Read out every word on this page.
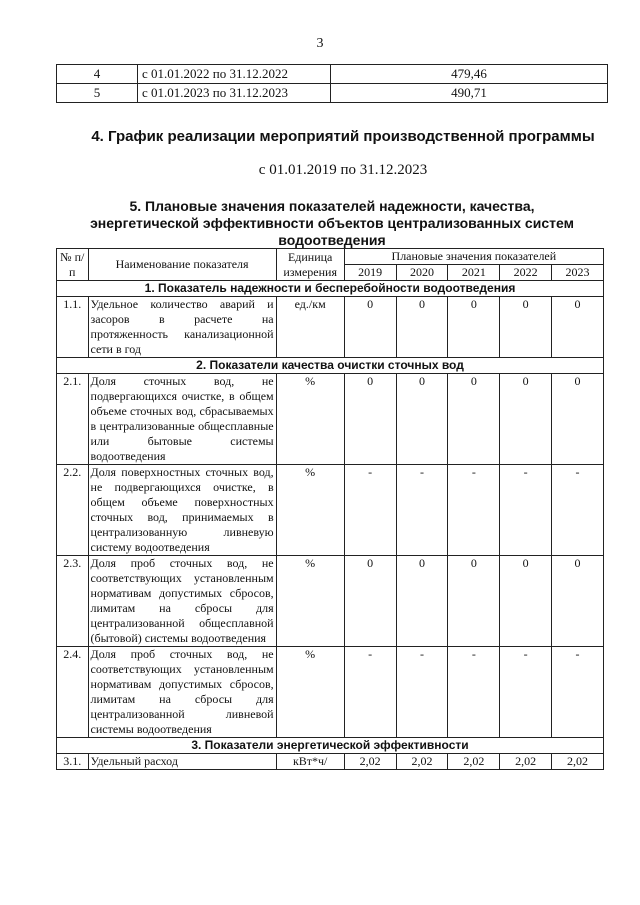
3
4	с 01.01.2022 по 31.12.2022	479,46
5	с 01.01.2023 по 31.12.2023	490,71
4. График реализации мероприятий производственной программы
с 01.01.2019 по 31.12.2023
5. Плановые значения показателей надежности, качества, энергетической эффективности объектов централизованных систем водоотведения
№ п/п	Наименование показателя	Единица измерения	Плановые значения показателей				
			2019	2020	2021	2022	2023
1. Показатель надежности и бесперебойности водоотведения							
1.1.	Удельное количество аварий и засоров в расчете на протяженность канализационной сети в год	ед./км	0	0	0	0	0
2. Показатели качества очистки сточных вод							
2.1.	Доля сточных вод, не подвергающихся очистке, в общем объеме сточных вод, сбрасываемых в централизованные общесплавные или бытовые системы водоотведения	%	0	0	0	0	0
2.2.	Доля поверхностных сточных вод, не подвергающихся очистке, в общем объеме поверхностных сточных вод, принимаемых в централизованную ливневую систему водоотведения	%	-	-	-	-	-
2.3.	Доля проб сточных вод, не соответствующих установленным нормативам допустимых сбросов, лимитам на сбросы для централизованной общесплавной (бытовой) системы водоотведения	%	0	0	0	0	0
2.4.	Доля проб сточных вод, не соответствующих установленным нормативам допустимых сбросов, лимитам на сбросы для централизованной ливневой системы водоотведения	%	-	-	-	-	-
3. Показатели энергетической эффективности							
3.1.	Удельный расход	кВт*ч/	2,02	2,02	2,02	2,02	2,02
